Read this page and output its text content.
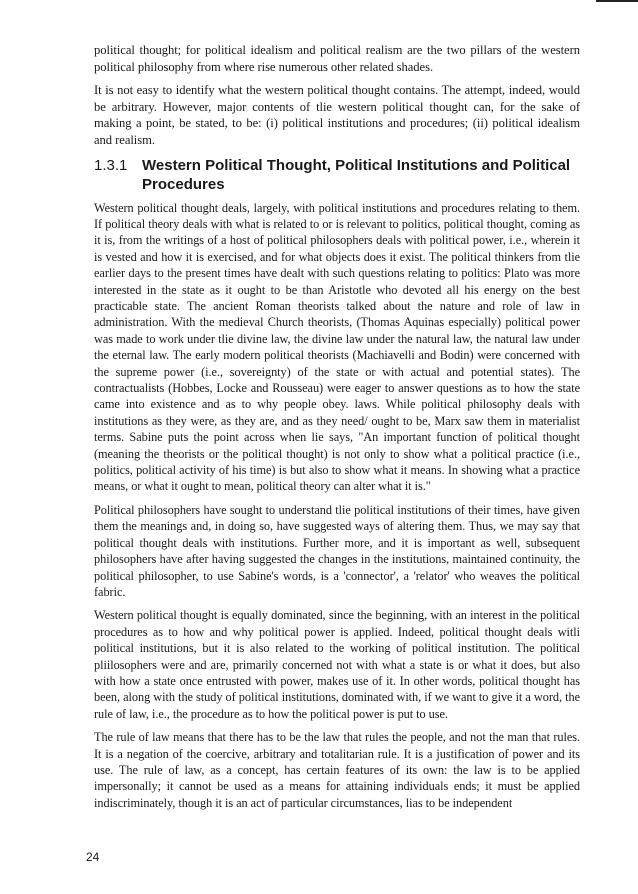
political thought; for political idealism and political realism are the two pillars of the western political philosophy from where rise numerous other related shades.

It is not easy to identify what the western political thought contains. The attempt, indeed, would be arbitrary. However, major contents of tlie western political thought can, for the sake of making a point, be stated, to be: (i) political institutions and procedures; (ii) political idealism and realism.

1.3.1 Western Political Thought, Political Institutions and Political Procedures

Western political thought deals, largely, with political institutions and procedures relating to them. If political theory deals with what is related to or is relevant to politics, political thought, coming as it is, from the writings of a host of political philosophers deals with political power, i.e., wherein it is vested and how it is exercised, and for what objects does it exist. The political thinkers from tlie earlier days to the present times have dealt with such questions relating to politics: Plato was more interested in the state as it ought to be than Aristotle who devoted all his energy on the best practicable state. The ancient Roman theorists talked about the nature and role of law in administration. With the medieval Church theorists, (Thomas Aquinas especially) political power was made to work under tlie divine law, the divine law under the natural law, the natural law under the eternal law. The early modern political theorists (Machiavelli and Bodin) were concerned with the supreme power (i.e., sovereignty) of the state or with actual and potential states). The contractualists (Hobbes, Locke and Rousseau) were eager to answer questions as to how the state came into existence and as to why people obey. laws. While political philosophy deals with institutions as they were, as they are, and as they need/ ought to be, Marx saw them in materialist terms. Sabine puts the point across when lie says, "An important function of political thought (meaning the theorists or the political thought) is not only to show what a political practice (i.e., politics, political activity of his time) is but also to show what it means. In showing what a practice means, or what it ought to mean, political theory can alter what it is."

Political philosophers have sought to understand tlie political institutions of their times, have given them the meanings and, in doing so, have suggested ways of altering them. Thus, we may say that political thought deals with institutions. Further more, and it is important as well, subsequent philosophers have after having suggested the changes in the institutions, maintained continuity, the political philosopher, to use Sabine's words, is a 'connector', a 'relator' who weaves the political fabric.

Western political thought is equally dominated, since the beginning, with an interest in the political procedures as to how and why political power is applied. Indeed, political thought deals witli political institutions, but it is also related to the working of political institution. The political pliilosophers were and are, primarily concerned not with what a state is or what it does, but also with how a state once entrusted with power, makes use of it. In other words, political thought has been, along with the study of political institutions, dominated with, if we want to give it a word, the rule of law, i.e., the procedure as to how the political power is put to use.

The rule of law means that there has to be the law that rules the people, and not the man that rules. It is a negation of the coercive, arbitrary and totalitarian rule. It is a justification of power and its use. The rule of law, as a concept, has certain features of its own: the law is to be applied impersonally; it cannot be used as a means for attaining individuals ends; it must be applied indiscriminately, though it is an act of particular circumstances, lias to be independent

24
